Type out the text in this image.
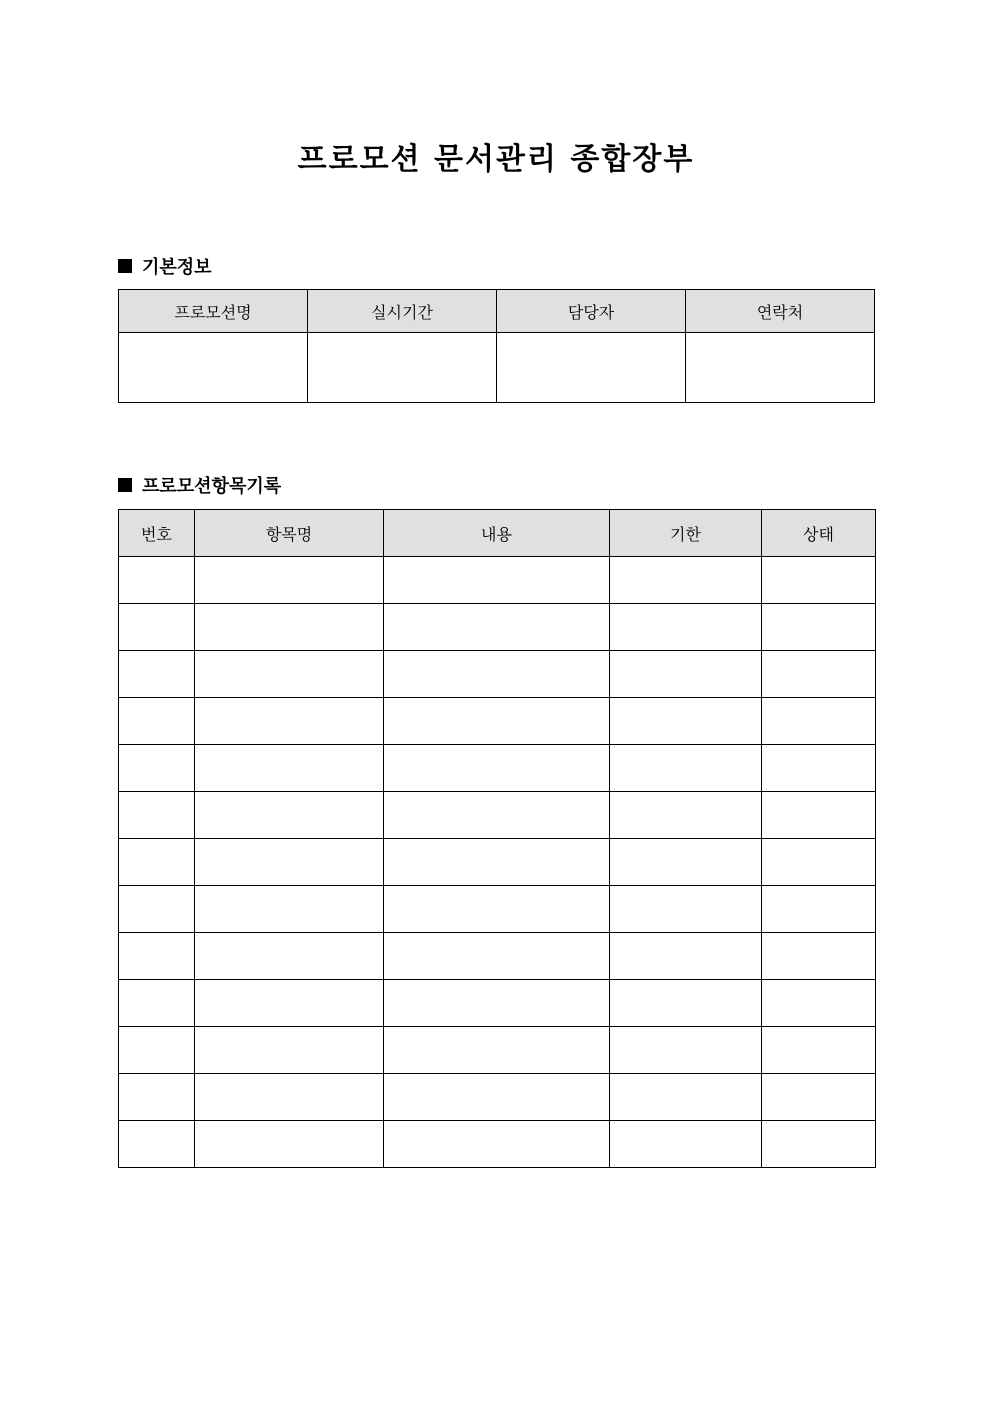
프로모션 문서관리 종합장부
기본정보
프로모션명	실시기간	담당자	연락처

프로모션항목기록
번호	항목명	내용	기한	상태
